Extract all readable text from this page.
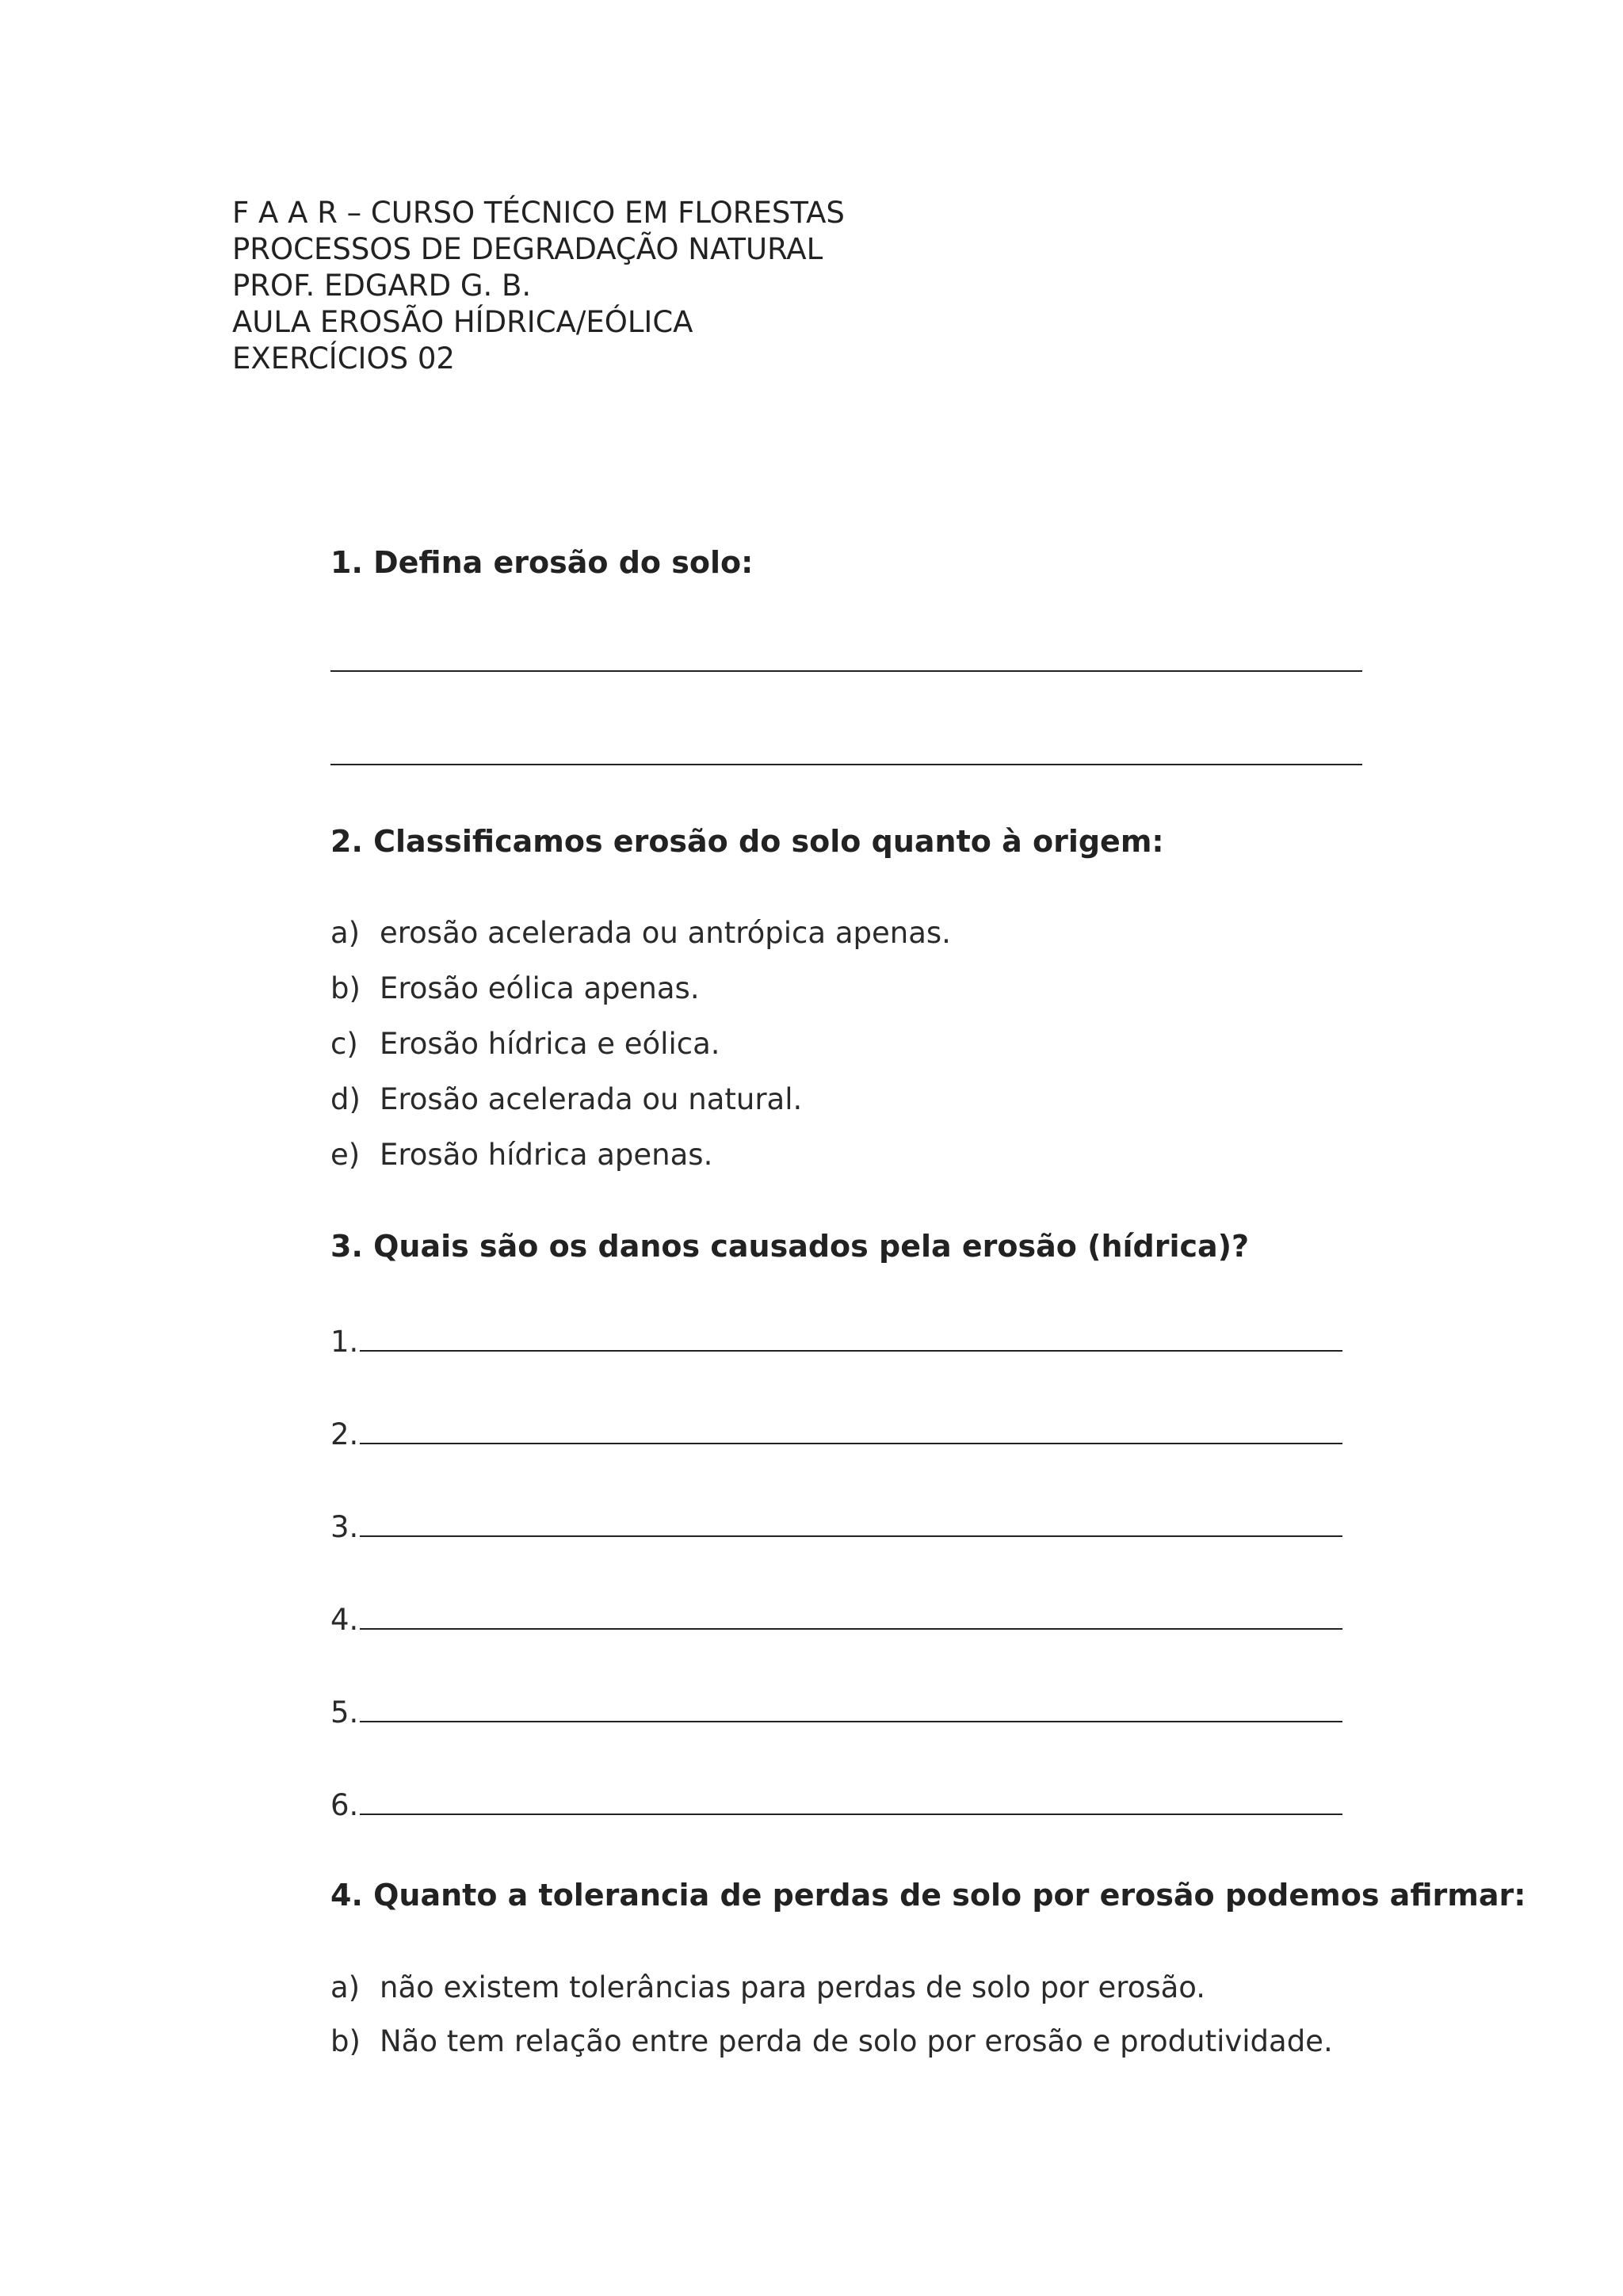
F A A R – CURSO TÉCNICO EM FLORESTAS
PROCESSOS DE DEGRADAÇÃO NATURAL
PROF. EDGARD G. B.
AULA EROSÃO HÍDRICA/EÓLICA
EXERCÍCIOS 02
1. Defina erosão do solo:
2. Classificamos erosão do solo quanto à origem:
a) erosão acelerada ou antrópica apenas.
b) Erosão eólica apenas.
c) Erosão hídrica e eólica.
d) Erosão acelerada ou natural.
e) Erosão hídrica apenas.
3. Quais são os danos causados pela erosão (hídrica)?
1.
2.
3.
4.
5.
6.
4. Quanto a tolerancia de perdas de solo por erosão podemos afirmar:
a) não existem tolerâncias para perdas de solo por erosão.
b) Não tem relação entre perda de solo por erosão e produtividade.
